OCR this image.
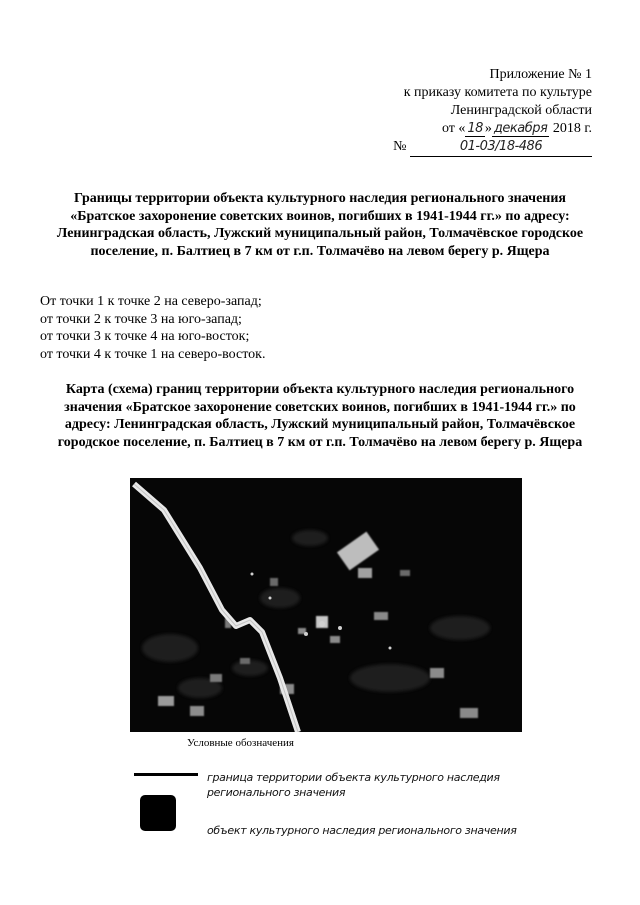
Приложение № 1
к приказу комитета по культуре
Ленинградской области
от « 18 » декабря 2018 г.
№	01-03/18-486
Границы территории объекта культурного наследия регионального значения «Братское захоронение советских воинов, погибших в 1941-1944 гг.» по адресу: Ленинградская область, Лужский муниципальный район, Толмачёвское городское поселение, п. Балтиец в 7 км от г.п. Толмачёво на левом берегу р. Ящера
От точки 1 к точке 2 на северо-запад;
от точки 2 к точке 3 на юго-запад;
от точки 3 к точке 4 на юго-восток;
от точки 4 к точке 1 на северо-восток.
Карта (схема) границ территории объекта культурного наследия регионального значения «Братское захоронение советских воинов, погибших в 1941-1944 гг.» по адресу: Ленинградская область, Лужский муниципальный район, Толмачёвское городское поселение, п. Балтиец в 7 км от г.п. Толмачёво на левом берегу р. Ящера
Условные обозначения
граница территории объекта культурного наследия регионального значения
объект культурного наследия регионального значения
